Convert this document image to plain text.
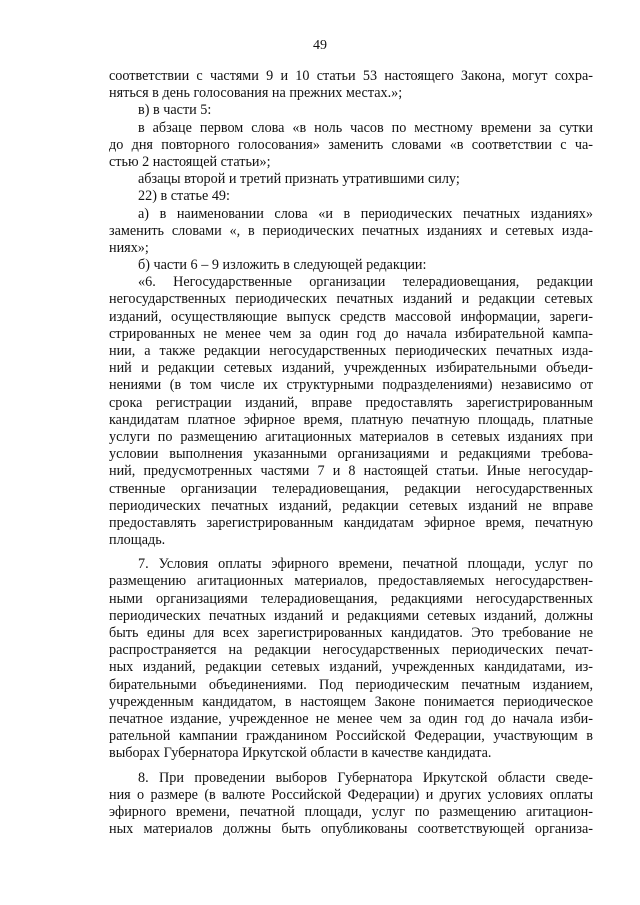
49
соответствии с частями 9 и 10 статьи 53 настоящего Закона, могут сохра-
няться в день голосования на прежних местах.»;
в) в части 5:
в абзаце первом слова «в ноль часов по местному времени за сутки
до дня повторного голосования» заменить словами «в соответствии с ча-
стью 2 настоящей статьи»;
абзацы второй и третий признать утратившими силу;
22) в статье 49:
а) в наименовании слова «и в периодических печатных изданиях»
заменить словами «, в периодических печатных изданиях и сетевых изда-
ниях»;
б) части 6 – 9 изложить в следующей редакции:
«6. Негосударственные организации телерадиовещания, редакции
негосударственных периодических печатных изданий и редакции сетевых
изданий, осуществляющие выпуск средств массовой информации, зареги-
стрированных не менее чем за один год до начала избирательной кампа-
нии, а также редакции негосударственных периодических печатных изда-
ний и редакции сетевых изданий, учрежденных избирательными объеди-
нениями (в том числе их структурными подразделениями) независимо от
срока регистрации изданий, вправе предоставлять зарегистрированным
кандидатам платное эфирное время, платную печатную площадь, платные
услуги по размещению агитационных материалов в сетевых изданиях при
условии выполнения указанными организациями и редакциями требова-
ний, предусмотренных частями 7 и 8 настоящей статьи. Иные негосудар-
ственные организации телерадиовещания, редакции негосударственных
периодических печатных изданий, редакции сетевых изданий не вправе
предоставлять зарегистрированным кандидатам эфирное время, печатную
площадь.
7. Условия оплаты эфирного времени, печатной площади, услуг по
размещению агитационных материалов, предоставляемых негосударствен-
ными организациями телерадиовещания, редакциями негосударственных
периодических печатных изданий и редакциями сетевых изданий, должны
быть едины для всех зарегистрированных кандидатов. Это требование не
распространяется на редакции негосударственных периодических печат-
ных изданий, редакции сетевых изданий, учрежденных кандидатами, из-
бирательными объединениями. Под периодическим печатным изданием,
учрежденным кандидатом, в настоящем Законе понимается периодическое
печатное издание, учрежденное не менее чем за один год до начала изби-
рательной кампании гражданином Российской Федерации, участвующим в
выборах Губернатора Иркутской области в качестве кандидата.
8. При проведении выборов Губернатора Иркутской области сведе-
ния о размере (в валюте Российской Федерации) и других условиях оплаты
эфирного времени, печатной площади, услуг по размещению агитацион-
ных материалов должны быть опубликованы соответствующей организа-
